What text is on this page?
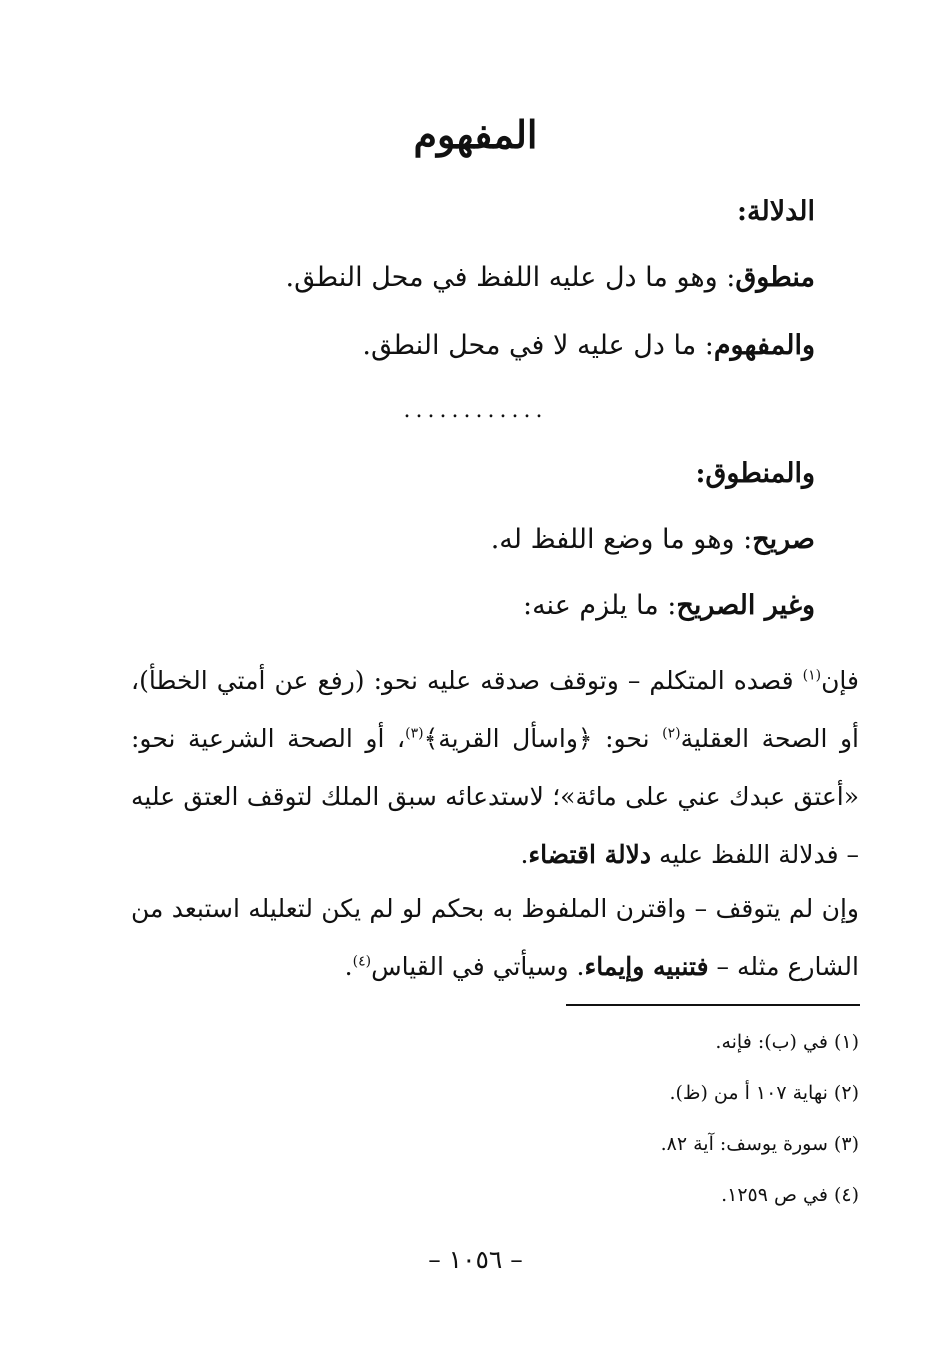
المفهوم
الدلالة:
منطوق: وهو ما دل عليه اللفظ في محل النطق.
والمفهوم: ما دل عليه لا في محل النطق.
............
والمنطوق:
صريح: وهو ما وضع اللفظ له.
وغير الصريح: ما يلزم عنه:

فإن$^{(١)}$ قصده المتكلم – وتوقف صدقه عليه نحو: (رفع عن أمتي الخطأ)، أو الصحة العقلية$^{(٢)}$ نحو: ﴿واسأل القرية﴾$^{(٣)}$، أو الصحة الشرعية نحو: «أعتق عبدك عني على مائة»؛ لاستدعائه سبق الملك لتوقف العتق عليه – فدلالة اللفظ عليه دلالة اقتضاء.

وإن لم يتوقف – واقترن الملفوظ به بحكم لو لم يكن لتعليله استبعد من الشارع مثله – فتنبيه وإيماء. وسيأتي في القياس$^{(٤)}$.

(١) في (ب): فإنه.
(٢) نهاية ١٠٧ أ من (ظ).
(٣) سورة يوسف: آية ٨٢.
(٤) في ص ١٢٥٩.
– ١٠٥٦ –
